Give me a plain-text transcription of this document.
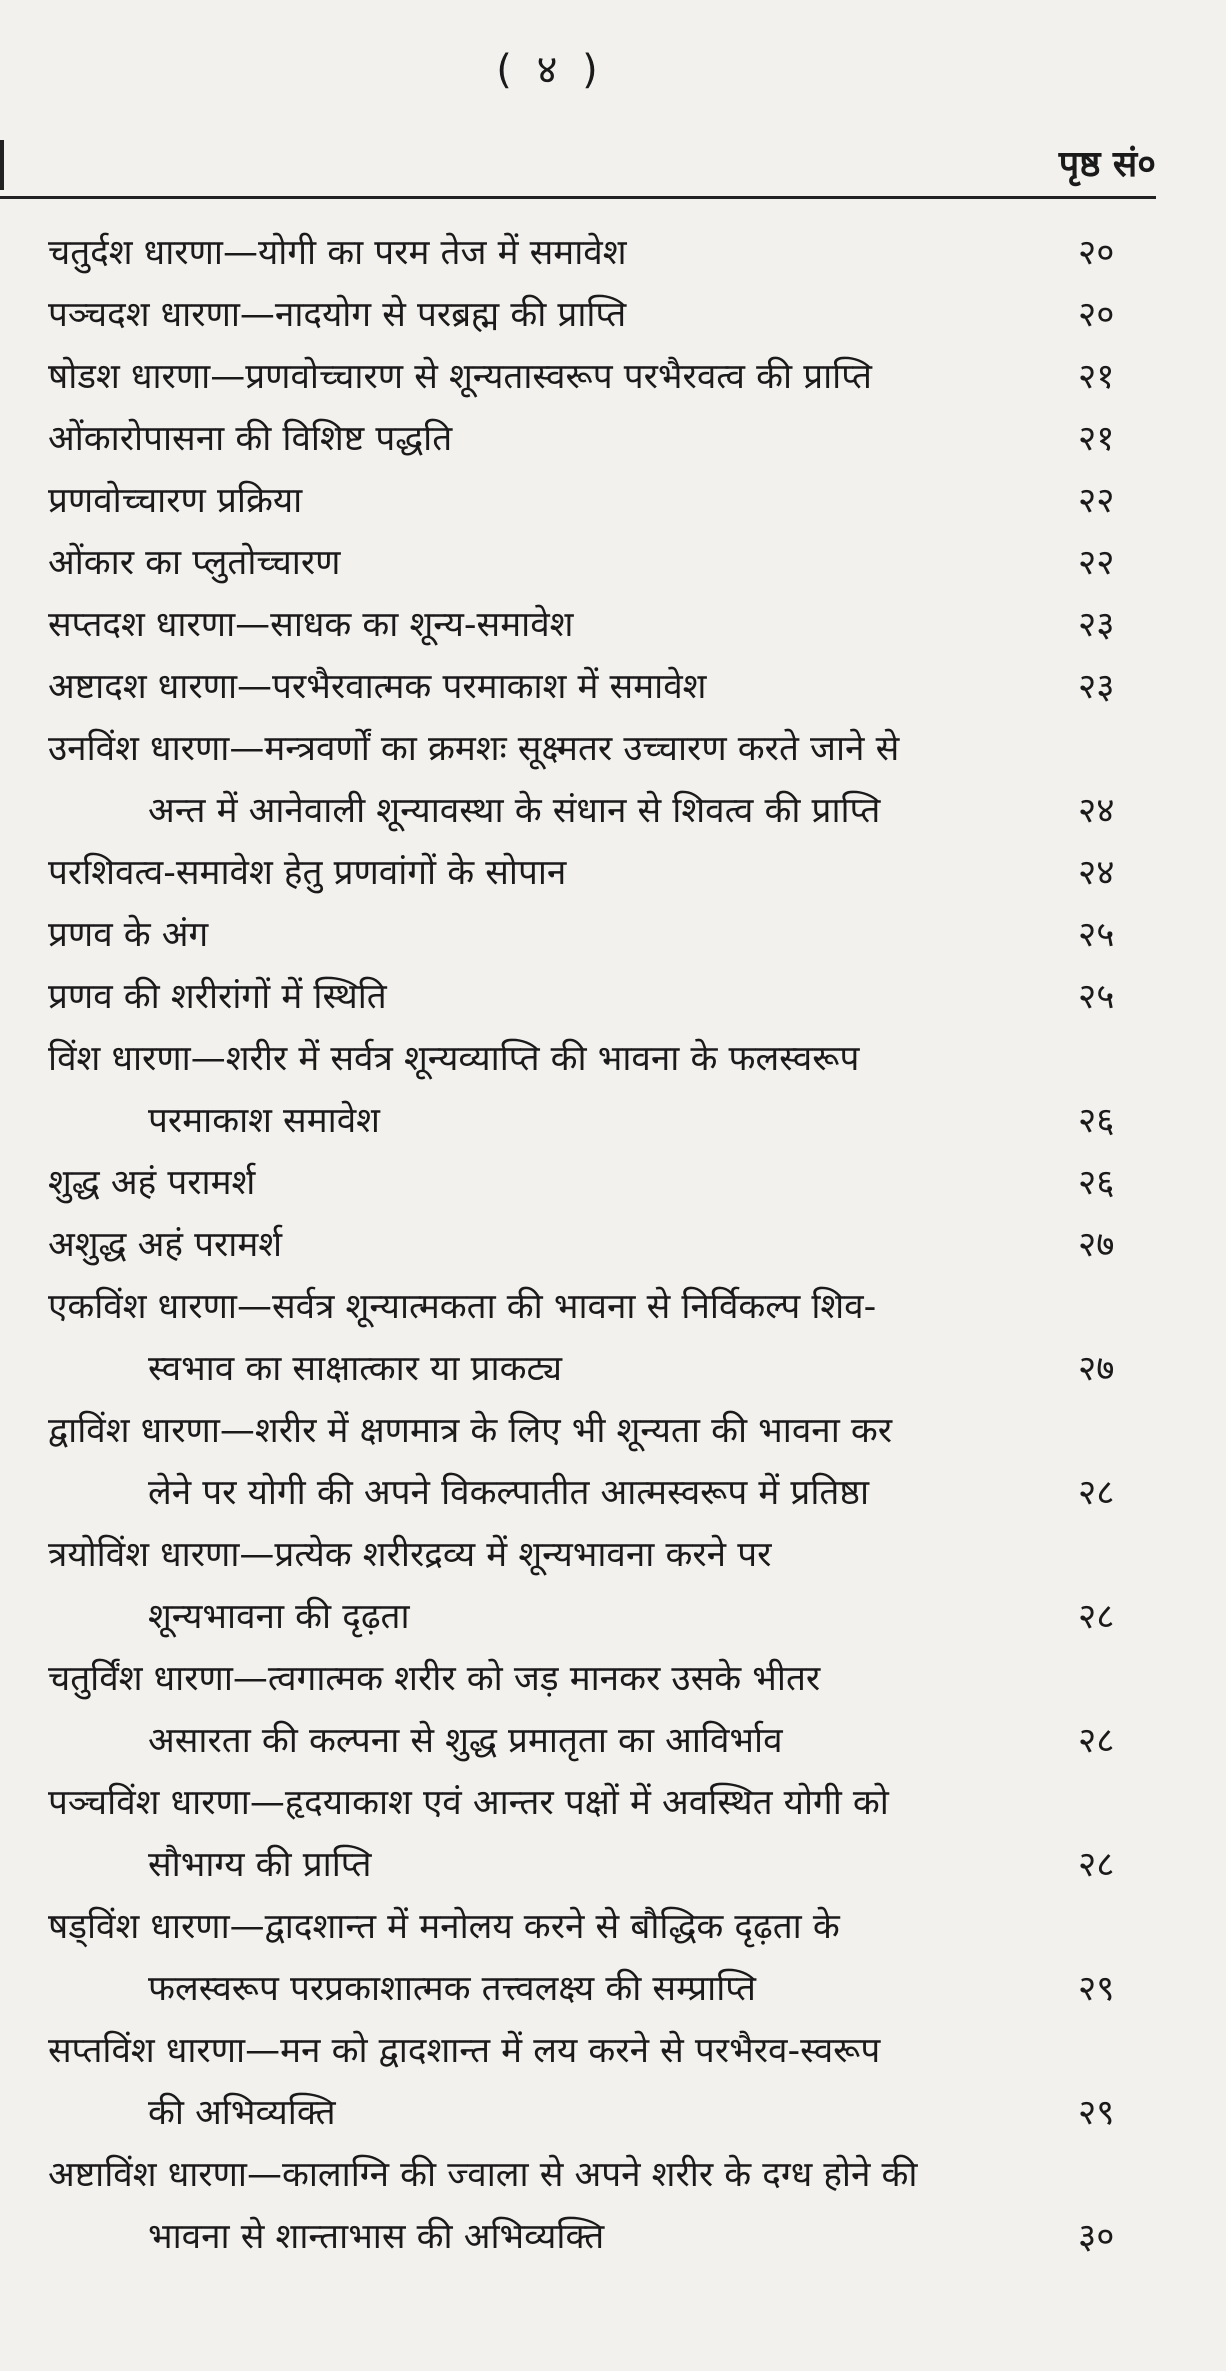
( ४ )
पृष्ठ सं०
चतुर्दश धारणा—योगी का परम तेज में समावेश	२०
पञ्चदश धारणा—नादयोग से परब्रह्म की प्राप्ति	२०
षोडश धारणा—प्रणवोच्चारण से शून्यतास्वरूप परभैरवत्व की प्राप्ति	२१
ओंकारोपासना की विशिष्ट पद्धति	२१
प्रणवोच्चारण प्रक्रिया	२२
ओंकार का प्लुतोच्चारण	२२
सप्तदश धारणा—साधक का शून्य-समावेश	२३
अष्टादश धारणा—परभैरवात्मक परमाकाश में समावेश	२३
उनविंश धारणा—मन्त्रवर्णों का क्रमशः सूक्ष्मतर उच्चारण करते जाने से
अन्त में आनेवाली शून्यावस्था के संधान से शिवत्व की प्राप्ति	२४
परशिवत्व-समावेश हेतु प्रणवांगों के सोपान	२४
प्रणव के अंग	२५
प्रणव की शरीरांगों में स्थिति	२५
विंश धारणा—शरीर में सर्वत्र शून्यव्याप्ति की भावना के फलस्वरूप
परमाकाश समावेश	२६
शुद्ध अहं परामर्श	२६
अशुद्ध अहं परामर्श	२७
एकविंश धारणा—सर्वत्र शून्यात्मकता की भावना से निर्विकल्प शिव-
स्वभाव का साक्षात्कार या प्राकट्य	२७
द्वाविंश धारणा—शरीर में क्षणमात्र के लिए भी शून्यता की भावना कर
लेने पर योगी की अपने विकल्पातीत आत्मस्वरूप में प्रतिष्ठा	२८
त्रयोविंश धारणा—प्रत्येक शरीरद्रव्य में शून्यभावना करने पर
शून्यभावना की दृढ़ता	२८
चतुर्विंश धारणा—त्वगात्मक शरीर को जड़ मानकर उसके भीतर
असारता की कल्पना से शुद्ध प्रमातृता का आविर्भाव	२८
पञ्चविंश धारणा—हृदयाकाश एवं आन्तर पक्षों में अवस्थित योगी को
सौभाग्य की प्राप्ति	२८
षड्विंश धारणा—द्वादशान्त में मनोलय करने से बौद्धिक दृढ़ता के
फलस्वरूप परप्रकाशात्मक तत्त्वलक्ष्य की सम्प्राप्ति	२९
सप्तविंश धारणा—मन को द्वादशान्त में लय करने से परभैरव-स्वरूप
की अभिव्यक्ति	२९
अष्टाविंश धारणा—कालाग्नि की ज्वाला से अपने शरीर के दग्ध होने की
भावना से शान्ताभास की अभिव्यक्ति	३०
